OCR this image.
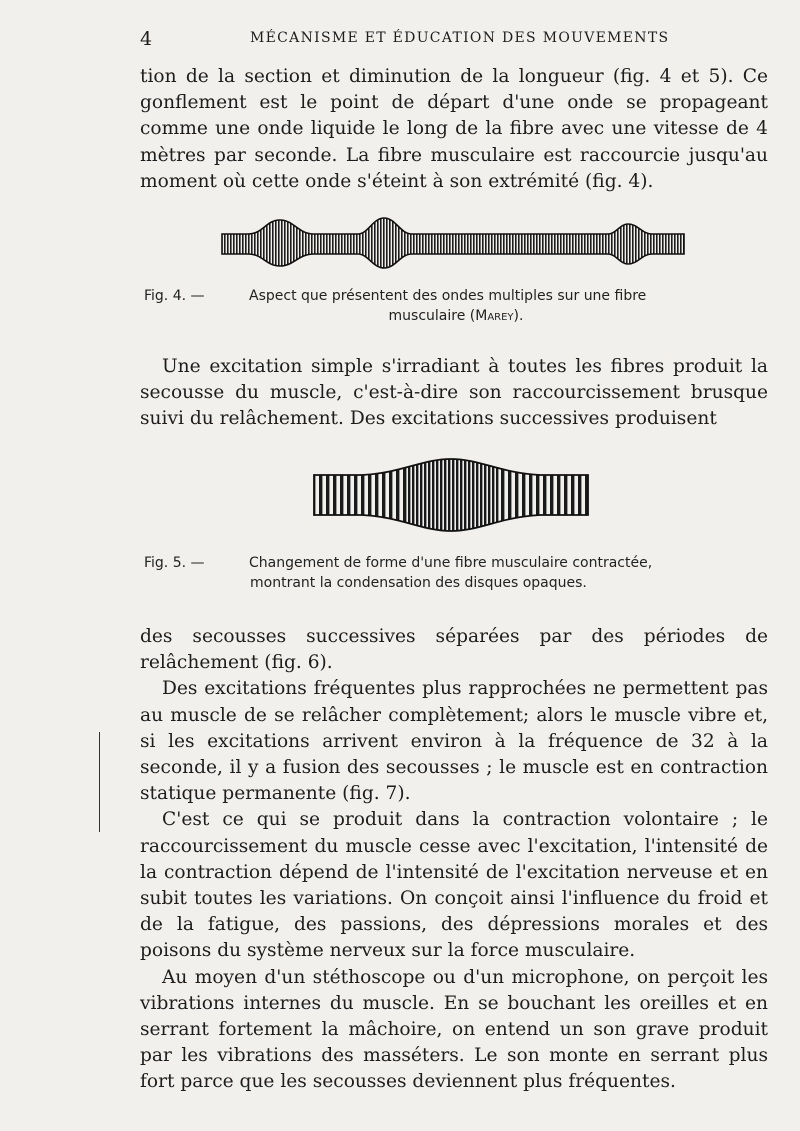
4	MÉCANISME ET ÉDUCATION DES MOUVEMENTS

tion de la section et diminution de la longueur (fig. 4 et 5). Ce gonflement est le point de départ d'une onde se propageant comme une onde liquide le long de la fibre avec une vitesse de 4 mètres par seconde. La fibre musculaire est raccourcie jusqu'au moment où cette onde s'éteint à son extrémité (fig. 4).

Fig. 4. —	Aspect que présentent des ondes multiples sur une fibre
musculaire (Marey).

Une excitation simple s'irradiant à toutes les fibres produit la secousse du muscle, c'est-à-dire son raccourcissement brusque suivi du relâchement. Des excitations successives produisent

Fig. 5. —	Changement de forme d'une fibre musculaire contractée,
montrant la condensation des disques opaques.

des secousses successives séparées par des périodes de relâchement (fig. 6).

Des excitations fréquentes plus rapprochées ne permettent pas au muscle de se relâcher complètement; alors le muscle vibre et, si les excitations arrivent environ à la fréquence de 32 à la seconde, il y a fusion des secousses ; le muscle est en contraction statique permanente (fig. 7).

C'est ce qui se produit dans la contraction volontaire ; le raccourcissement du muscle cesse avec l'excitation, l'intensité de la contraction dépend de l'intensité de l'excitation nerveuse et en subit toutes les variations. On conçoit ainsi l'influence du froid et de la fatigue, des passions, des dépressions morales et des poisons du système nerveux sur la force musculaire.

Au moyen d'un stéthoscope ou d'un microphone, on perçoit les vibrations internes du muscle. En se bouchant les oreilles et en serrant fortement la mâchoire, on entend un son grave produit par les vibrations des masséters. Le son monte en serrant plus fort parce que les secousses deviennent plus fréquentes.
